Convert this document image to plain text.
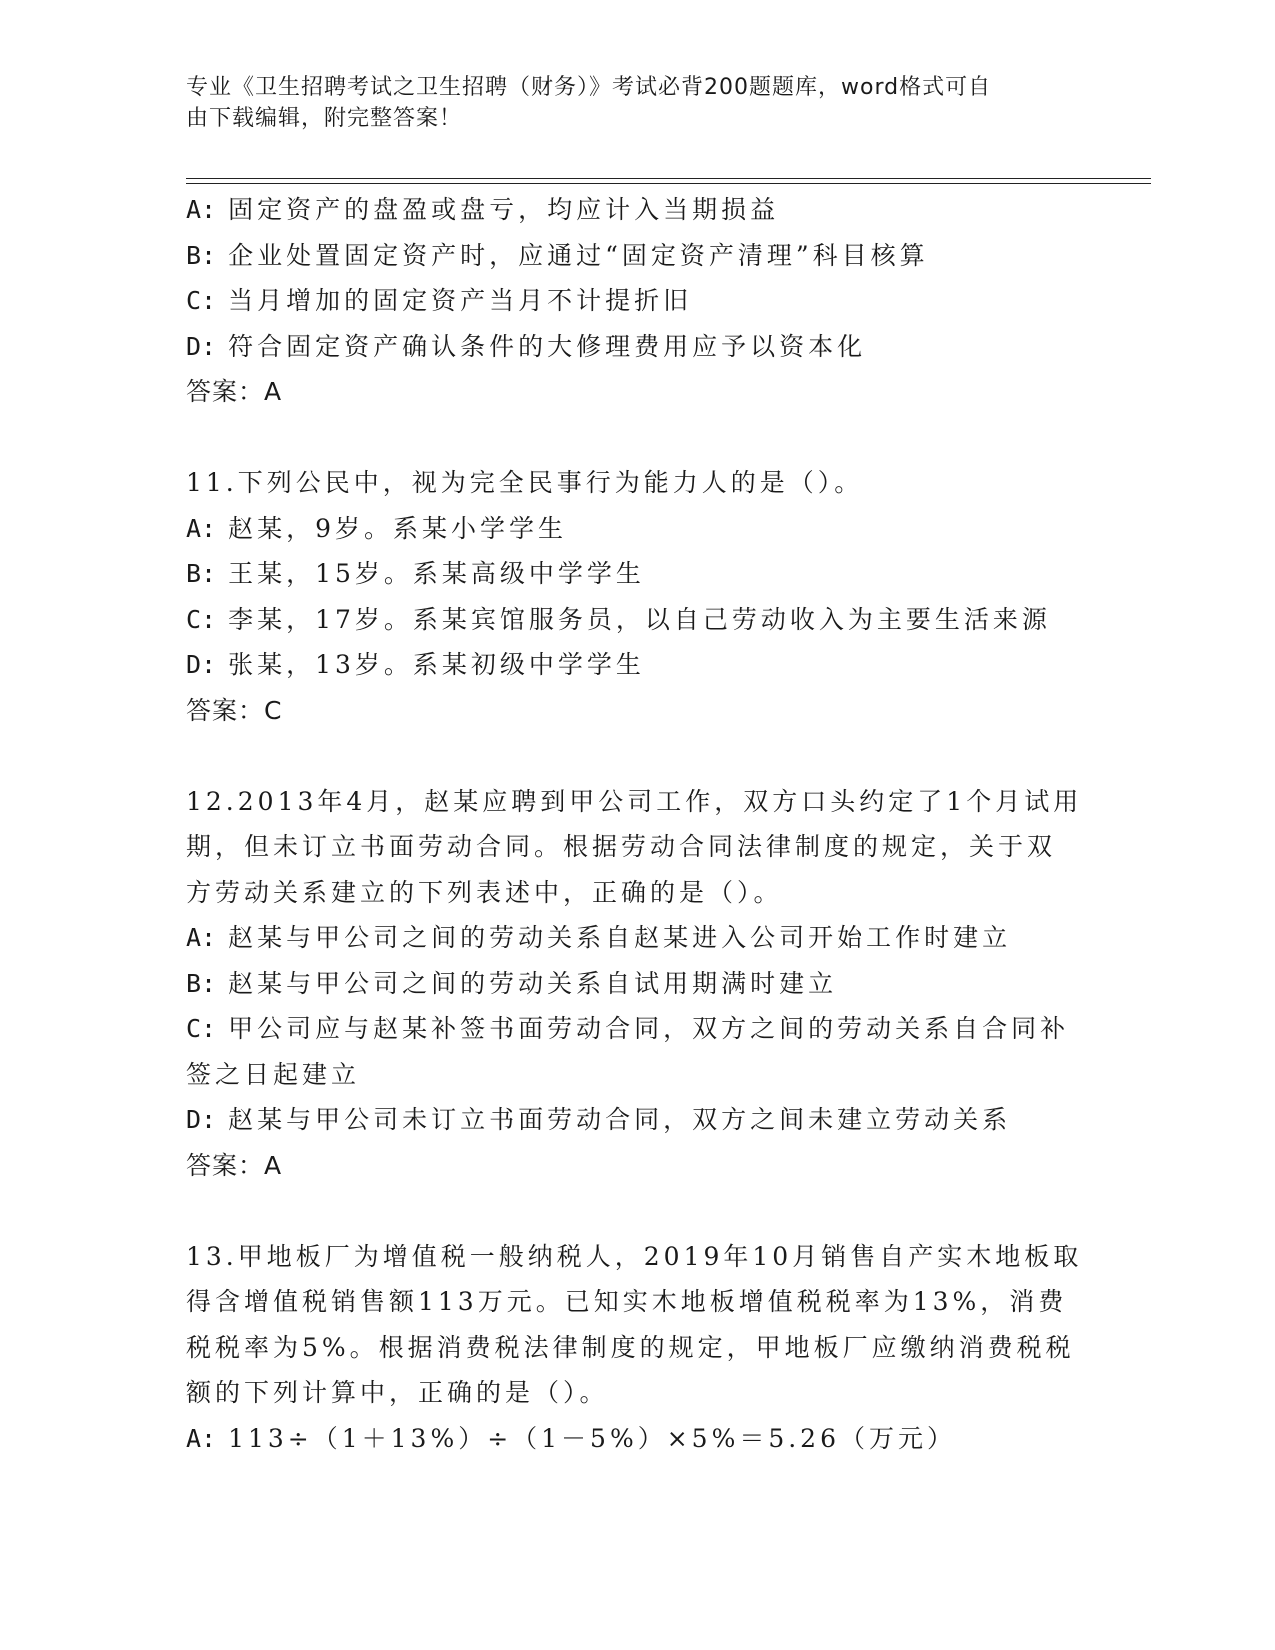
专业《卫生招聘考试之卫生招聘（财务）》考试必背200题题库，word格式可自
由下载编辑，附完整答案！
A: 固定资产的盘盈或盘亏，均应计入当期损益
B: 企业处置固定资产时，应通过“固定资产清理”科目核算
C: 当月增加的固定资产当月不计提折旧
D: 符合固定资产确认条件的大修理费用应予以资本化
答案：A
11.下列公民中，视为完全民事行为能力人的是（）。
A: 赵某，9岁。系某小学学生
B: 王某，15岁。系某高级中学学生
C: 李某，17岁。系某宾馆服务员，以自己劳动收入为主要生活来源
D: 张某，13岁。系某初级中学学生
答案：C
12.2013年4月，赵某应聘到甲公司工作，双方口头约定了1个月试用
期，但未订立书面劳动合同。根据劳动合同法律制度的规定，关于双
方劳动关系建立的下列表述中，正确的是（）。
A: 赵某与甲公司之间的劳动关系自赵某进入公司开始工作时建立
B: 赵某与甲公司之间的劳动关系自试用期满时建立
C: 甲公司应与赵某补签书面劳动合同，双方之间的劳动关系自合同补
签之日起建立
D: 赵某与甲公司未订立书面劳动合同，双方之间未建立劳动关系
答案：A
13.甲地板厂为增值税一般纳税人，2019年10月销售自产实木地板取
得含增值税销售额113万元。已知实木地板增值税税率为13%，消费
税税率为5%。根据消费税法律制度的规定，甲地板厂应缴纳消费税税
额的下列计算中，正确的是（）。
A: 113÷（1＋13%）÷（1－5%）×5%＝5.26（万元）
